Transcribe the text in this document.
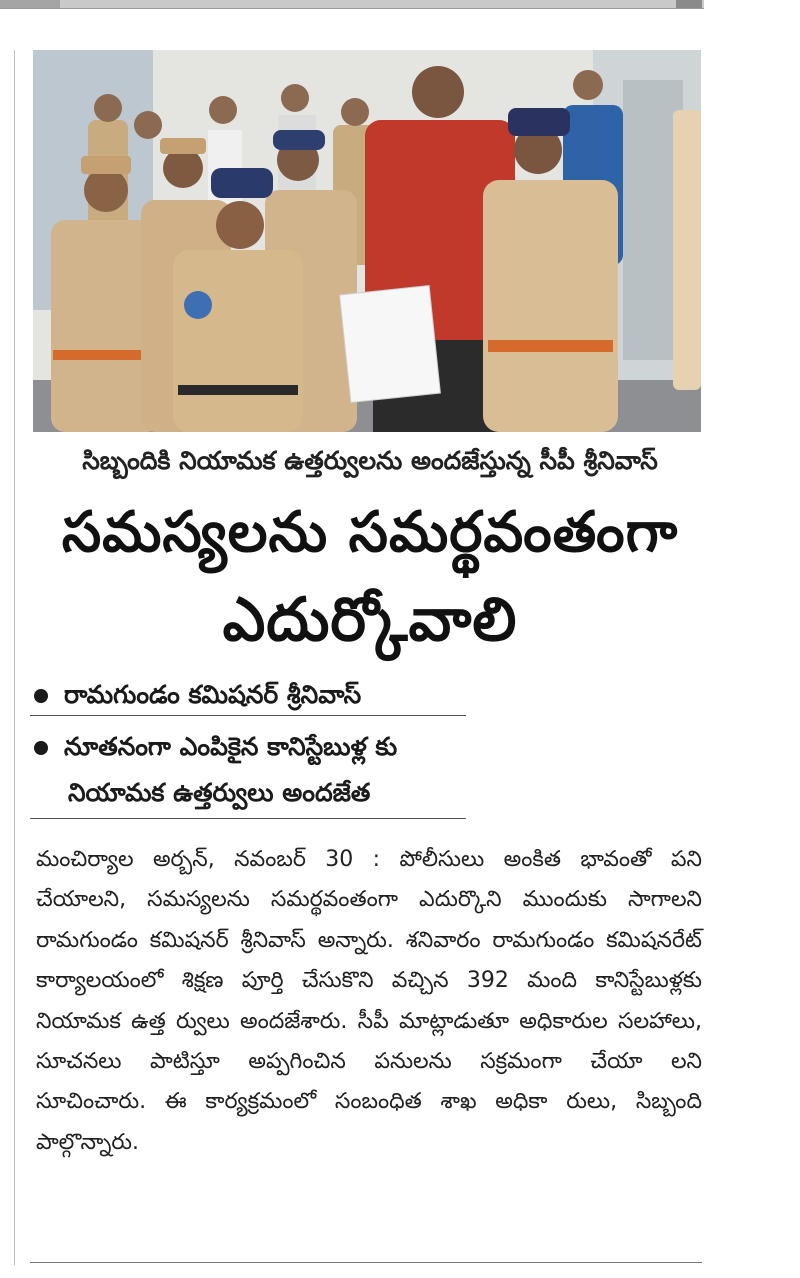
సిబ్బందికి నియామక ఉత్తర్వులను అందజేస్తున్న సీపీ శ్రీనివాస్
సమస్యలను సమర్థవంతంగా
ఎదుర్కోవాలి
రామగుండం కమిషనర్ శ్రీనివాస్
నూతనంగా ఎంపికైన కానిస్టేబుళ్ల కు
నియామక ఉత్తర్వులు అందజేత
మంచిర్యాల అర్బన్, నవంబర్ 30 : పోలీసులు అంకిత భావంతో పని చేయాలని, సమస్యలను సమర్థవంతంగా ఎదుర్కొని ముందుకు సాగాలని రామగుండం కమిషనర్ శ్రీనివాస్ అన్నారు. శనివారం రామగుండం కమిషనరేట్ కార్యాలయంలో శిక్షణ పూర్తి చేసుకొని వచ్చిన 392 మంది కానిస్టేబుళ్లకు నియామక ఉత్త ర్వులు అందజేశారు. సీపీ మాట్లాడుతూ అధికారుల సలహాలు, సూచనలు పాటిస్తూ అప్పగించిన పనులను సక్రమంగా చేయా లని సూచించారు. ఈ కార్యక్రమంలో సంబంధిత శాఖ అధికా రులు, సిబ్బంది పాల్గొన్నారు.
